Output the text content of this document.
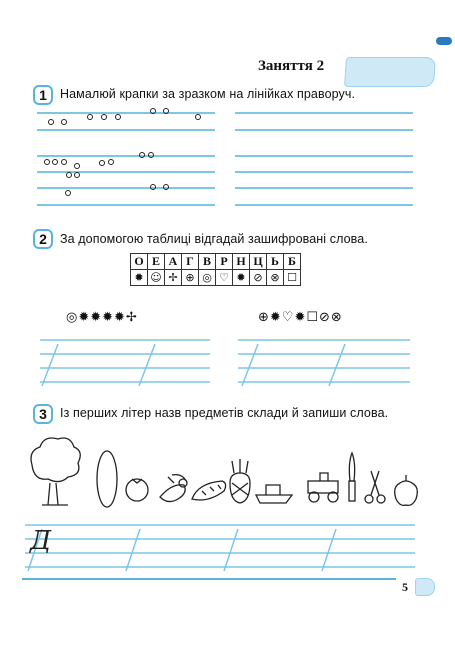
Заняття 2
1	Намалюй крапки за зразком на лінійках праворуч.
2	За допомогою таблиці відгадай зашифровані слова.
О	Е	А	Г	В	Р	Н	Ц	Ь	Б
✹	☺	✢	⊕	◎	♡	✹	⊘	⊗	☐
◎✹✹✹✹✢	⊕✹♡✹☐⊘⊗
3	Із перших літер назв предметів склади й запиши слова.
Д
5
